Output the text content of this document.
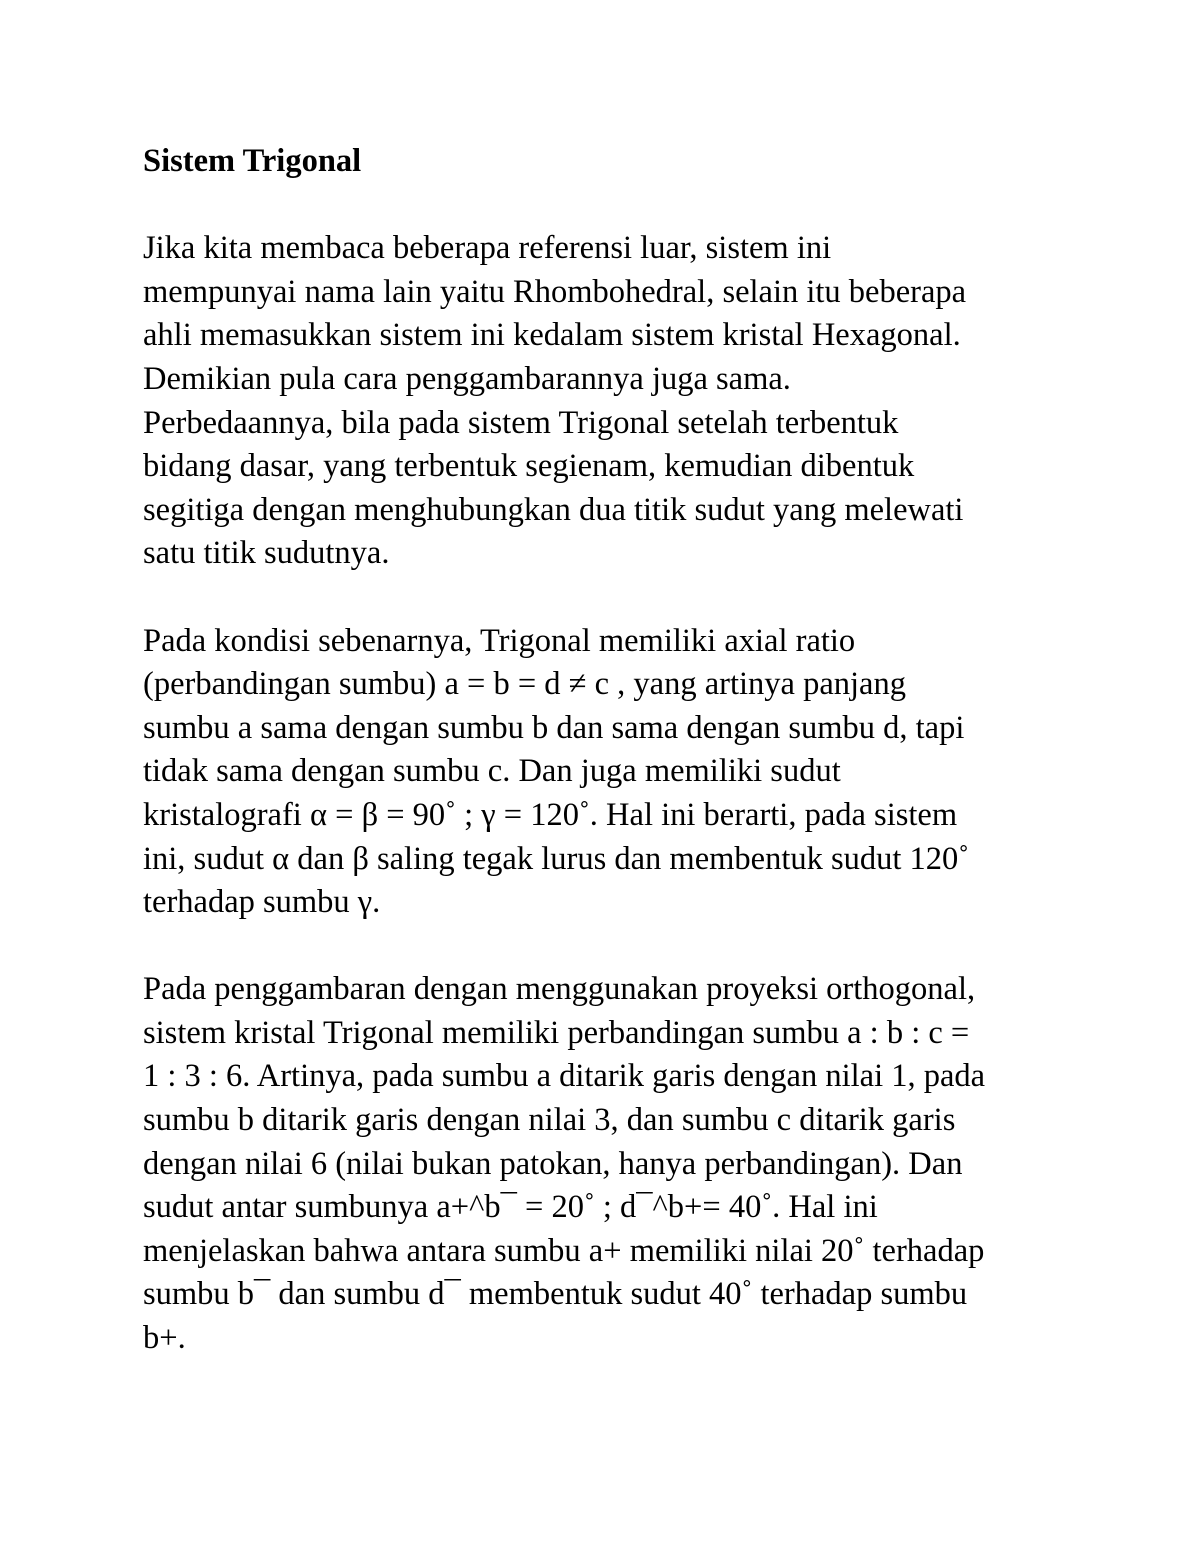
Sistem Trigonal
Jika kita membaca beberapa referensi luar, sistem ini
mempunyai nama lain yaitu Rhombohedral, selain itu beberapa
ahli memasukkan sistem ini kedalam sistem kristal Hexagonal.
Demikian pula cara penggambarannya juga sama.
Perbedaannya, bila pada sistem Trigonal setelah terbentuk
bidang dasar, yang terbentuk segienam, kemudian dibentuk
segitiga dengan menghubungkan dua titik sudut yang melewati
satu titik sudutnya.
Pada kondisi sebenarnya, Trigonal memiliki axial ratio
(perbandingan sumbu) a = b = d ≠ c , yang artinya panjang
sumbu a sama dengan sumbu b dan sama dengan sumbu d, tapi
tidak sama dengan sumbu c. Dan juga memiliki sudut
kristalografi α = β = 90˚ ; γ = 120˚. Hal ini berarti, pada sistem
ini, sudut α dan β saling tegak lurus dan membentuk sudut 120˚
terhadap sumbu γ.
Pada penggambaran dengan menggunakan proyeksi orthogonal,
sistem kristal Trigonal memiliki perbandingan sumbu a : b : c =
1 : 3 : 6. Artinya, pada sumbu a ditarik garis dengan nilai 1, pada
sumbu b ditarik garis dengan nilai 3, dan sumbu c ditarik garis
dengan nilai 6 (nilai bukan patokan, hanya perbandingan). Dan
sudut antar sumbunya a+^b¯ = 20˚ ; d¯^b+= 40˚. Hal ini
menjelaskan bahwa antara sumbu a+ memiliki nilai 20˚ terhadap
sumbu b¯ dan sumbu d¯ membentuk sudut 40˚ terhadap sumbu
b+.
